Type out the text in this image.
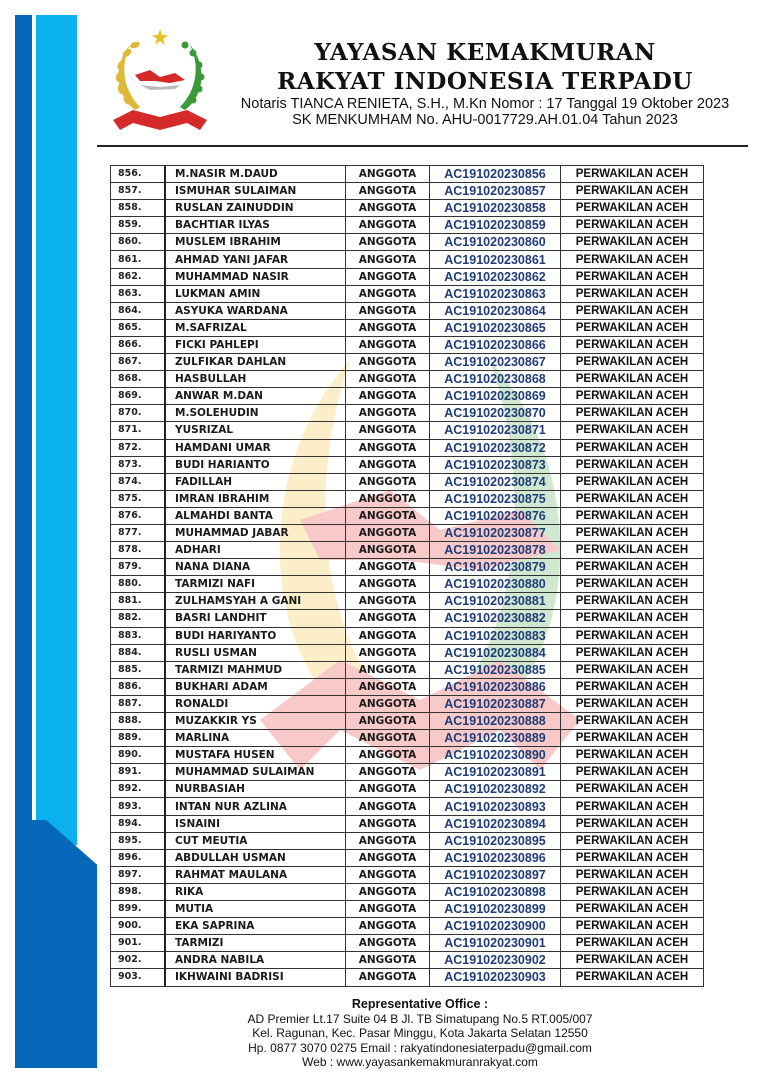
YAYASAN KEMAKMURAN
RAKYAT INDONESIA TERPADU
Notaris TIANCA RENIETA, S.H., M.Kn Nomor : 17 Tanggal 19 Oktober 2023
SK MENKUMHAM No. AHU-0017729.AH.01.04 Tahun 2023
856.	M.NASIR M.DAUD	ANGGOTA	AC191020230856	PERWAKILAN ACEH
857.	ISMUHAR SULAIMAN	ANGGOTA	AC191020230857	PERWAKILAN ACEH
858.	RUSLAN ZAINUDDIN	ANGGOTA	AC191020230858	PERWAKILAN ACEH
859.	BACHTIAR ILYAS	ANGGOTA	AC191020230859	PERWAKILAN ACEH
860.	MUSLEM IBRAHIM	ANGGOTA	AC191020230860	PERWAKILAN ACEH
861.	AHMAD YANI JAFAR	ANGGOTA	AC191020230861	PERWAKILAN ACEH
862.	MUHAMMAD NASIR	ANGGOTA	AC191020230862	PERWAKILAN ACEH
863.	LUKMAN AMIN	ANGGOTA	AC191020230863	PERWAKILAN ACEH
864.	ASYUKA WARDANA	ANGGOTA	AC191020230864	PERWAKILAN ACEH
865.	M.SAFRIZAL	ANGGOTA	AC191020230865	PERWAKILAN ACEH
866.	FICKI PAHLEPI	ANGGOTA	AC191020230866	PERWAKILAN ACEH
867.	ZULFIKAR DAHLAN	ANGGOTA	AC191020230867	PERWAKILAN ACEH
868.	HASBULLAH	ANGGOTA	AC191020230868	PERWAKILAN ACEH
869.	ANWAR M.DAN	ANGGOTA	AC191020230869	PERWAKILAN ACEH
870.	M.SOLEHUDIN	ANGGOTA	AC191020230870	PERWAKILAN ACEH
871.	YUSRIZAL	ANGGOTA	AC191020230871	PERWAKILAN ACEH
872.	HAMDANI UMAR	ANGGOTA	AC191020230872	PERWAKILAN ACEH
873.	BUDI HARIANTO	ANGGOTA	AC191020230873	PERWAKILAN ACEH
874.	FADILLAH	ANGGOTA	AC191020230874	PERWAKILAN ACEH
875.	IMRAN IBRAHIM	ANGGOTA	AC191020230875	PERWAKILAN ACEH
876.	ALMAHDI BANTA	ANGGOTA	AC191020230876	PERWAKILAN ACEH
877.	MUHAMMAD JABAR	ANGGOTA	AC191020230877	PERWAKILAN ACEH
878.	ADHARI	ANGGOTA	AC191020230878	PERWAKILAN ACEH
879.	NANA DIANA	ANGGOTA	AC191020230879	PERWAKILAN ACEH
880.	TARMIZI NAFI	ANGGOTA	AC191020230880	PERWAKILAN ACEH
881.	ZULHAMSYAH A GANI	ANGGOTA	AC191020230881	PERWAKILAN ACEH
882.	BASRI LANDHIT	ANGGOTA	AC191020230882	PERWAKILAN ACEH
883.	BUDI HARIYANTO	ANGGOTA	AC191020230883	PERWAKILAN ACEH
884.	RUSLI USMAN	ANGGOTA	AC191020230884	PERWAKILAN ACEH
885.	TARMIZI MAHMUD	ANGGOTA	AC191020230885	PERWAKILAN ACEH
886.	BUKHARI ADAM	ANGGOTA	AC191020230886	PERWAKILAN ACEH
887.	RONALDI	ANGGOTA	AC191020230887	PERWAKILAN ACEH
888.	MUZAKKIR YS	ANGGOTA	AC191020230888	PERWAKILAN ACEH
889.	MARLINA	ANGGOTA	AC191020230889	PERWAKILAN ACEH
890.	MUSTAFA HUSEN	ANGGOTA	AC191020230890	PERWAKILAN ACEH
891.	MUHAMMAD SULAIMAN	ANGGOTA	AC191020230891	PERWAKILAN ACEH
892.	NURBASIAH	ANGGOTA	AC191020230892	PERWAKILAN ACEH
893.	INTAN NUR AZLINA	ANGGOTA	AC191020230893	PERWAKILAN ACEH
894.	ISNAINI	ANGGOTA	AC191020230894	PERWAKILAN ACEH
895.	CUT MEUTIA	ANGGOTA	AC191020230895	PERWAKILAN ACEH
896.	ABDULLAH USMAN	ANGGOTA	AC191020230896	PERWAKILAN ACEH
897.	RAHMAT MAULANA	ANGGOTA	AC191020230897	PERWAKILAN ACEH
898.	RIKA	ANGGOTA	AC191020230898	PERWAKILAN ACEH
899.	MUTIA	ANGGOTA	AC191020230899	PERWAKILAN ACEH
900.	EKA SAPRINA	ANGGOTA	AC191020230900	PERWAKILAN ACEH
901.	TARMIZI	ANGGOTA	AC191020230901	PERWAKILAN ACEH
902.	ANDRA NABILA	ANGGOTA	AC191020230902	PERWAKILAN ACEH
903.	IKHWAINI BADRISI	ANGGOTA	AC191020230903	PERWAKILAN ACEH
Representative Office :
AD Premier Lt.17 Suite 04 B Jl. TB Simatupang No.5 RT.005/007
Kel. Ragunan, Kec. Pasar Minggu, Kota Jakarta Selatan 12550
Hp. 0877 3070 0275 Email : rakyatindonesiaterpadu@gmail.com
Web : www.yayasankemakmuranrakyat.com
